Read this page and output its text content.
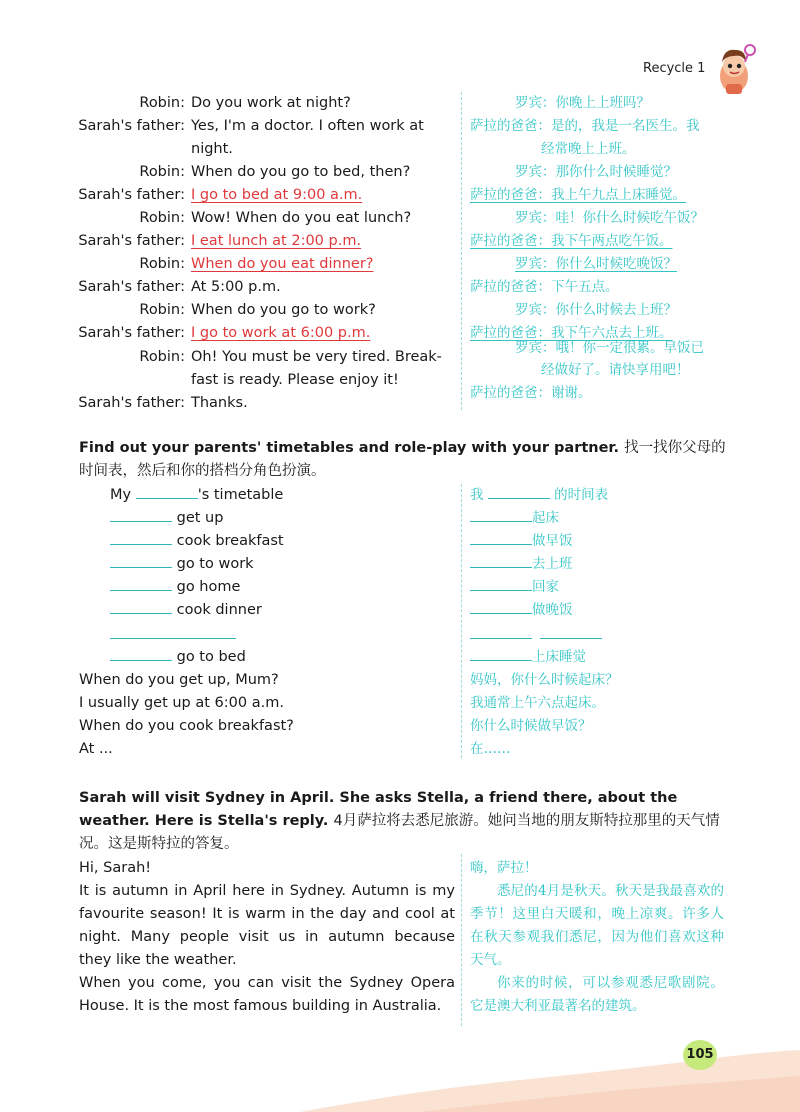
Recycle 1
Robin: Do you work at night?	罗宾：你晚上上班吗？
Sarah's father: Yes, I'm a doctor. I often work at
night.
萨拉的爸爸：是的，我是一名医生。我
经常晚上上班。
Robin: When do you go to bed, then?	罗宾：那你什么时候睡觉？
Sarah's father: I go to bed at 9:00 a.m.	萨拉的爸爸：我上午九点上床睡觉。
Robin: Wow! When do you eat lunch?	罗宾：哇！你什么时候吃午饭？
Sarah's father: I eat lunch at 2:00 p.m.	萨拉的爸爸：我下午两点吃午饭。
Robin: When do you eat dinner?	罗宾：你什么时候吃晚饭？
Sarah's father: At 5:00 p.m.	萨拉的爸爸：下午五点。
Robin: When do you go to work?	罗宾：你什么时候去上班？
Sarah's father: I go to work at 6:00 p.m.	萨拉的爸爸：我下午六点去上班。
Robin: Oh! You must be very tired. Break-
fast is ready. Please enjoy it!
罗宾：哦！你一定很累。早饭已
经做好了。请快享用吧！
Sarah's father: Thanks.
萨拉的爸爸：谢谢。
Find out your parents' timetables and role-play with your partner. 找一找你父母的时间表，然后和你的搭档分角色扮演。
My	's timetable	我	的时间表
get up	起床
cook breakfast	做早饭
go to work	去上班
go home	回家
cook dinner	做晚饭
go to bed	上床睡觉
When do you get up, Mum?	妈妈，你什么时候起床？
I usually get up at 6:00 a.m.	我通常上午六点起床。
When do you cook breakfast?	你什么时候做早饭？
At ...	在……
Sarah will visit Sydney in April. She asks Stella, a friend there, about the weather. Here is Stella's reply. 4月萨拉将去悉尼旅游。她问当地的朋友斯特拉那里的天气情况。这是斯特拉的答复。
Hi, Sarah!
It is autumn in April here in Sydney. Autumn is my favourite season! It is warm in the day and cool at night. Many people visit us in autumn because they like the weather.
When you come, you can visit the Sydney Opera House. It is the most famous building in Australia.
嗨，萨拉！
悉尼的4月是秋天。秋天是我最喜欢的季节！这里白天暖和，晚上凉爽。许多人在秋天参观我们悉尼，因为他们喜欢这种天气。
你来的时候，可以参观悉尼歌剧院。它是澳大利亚最著名的建筑。
105
